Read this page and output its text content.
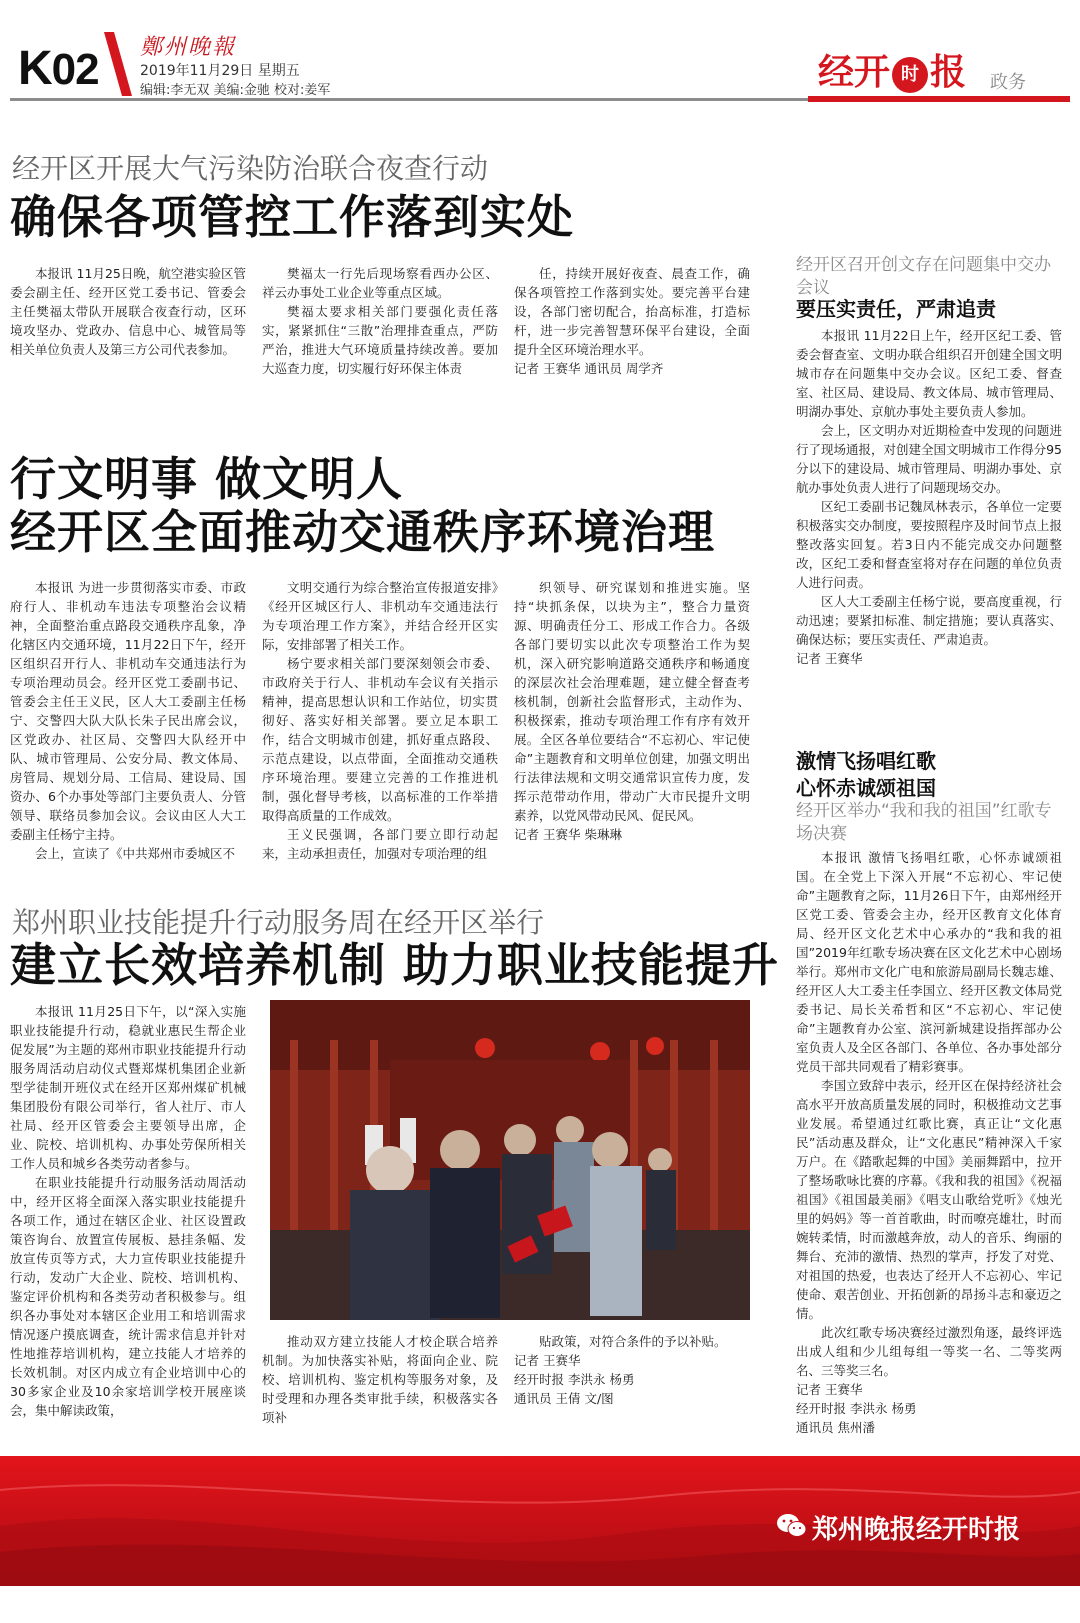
K02 鄭州晚報
2019年11月29日 星期五
编辑:李无双 美编:金驰 校对:姜军	经开 时 报 政务
经开区开展大气污染防治联合夜查行动
确保各项管控工作落到实处

本报讯 11月25日晚，航空港实验区管委会副主任、经开区党工委书记、管委会主任樊福太带队开展联合夜查行动，区环境攻坚办、党政办、信息中心、城管局等相关单位负责人及第三方公司代表参加。

樊福太一行先后现场察看西办公区、祥云办事处工业企业等重点区域。

樊福太要求相关部门要强化责任落实，紧紧抓住“三散”治理排查重点，严防严治，推进大气环境质量持续改善。要加大巡查力度，切实履行好环保主体责

任，持续开展好夜查、晨查工作，确保各项管控工作落到实处。要完善平台建设，各部门密切配合，抬高标准，打造标杆，进一步完善智慧环保平台建设，全面提升全区环境治理水平。

记者 王赛华 通讯员 周学齐

行文明事 做文明人
经开区全面推动交通秩序环境治理

本报讯 为进一步贯彻落实市委、市政府行人、非机动车违法专项整治会议精神，全面整治重点路段交通秩序乱象，净化辖区内交通环境，11月22日下午，经开区组织召开行人、非机动车交通违法行为专项治理动员会。经开区党工委副书记、管委会主任王义民，区人大工委副主任杨宁、交警四大队大队长朱子民出席会议，区党政办、社区局、交警四大队经开中队、城市管理局、公安分局、教文体局、房管局、规划分局、工信局、建设局、国资办、6个办事处等部门主要负责人、分管领导、联络员参加会议。会议由区人大工委副主任杨宁主持。

会上，宣读了《中共郑州市委城区不

文明交通行为综合整治宣传报道安排》《经开区城区行人、非机动车交通违法行为专项治理工作方案》，并结合经开区实际，安排部署了相关工作。

杨宁要求相关部门要深刻领会市委、市政府关于行人、非机动车会议有关指示精神，提高思想认识和工作站位，切实贯彻好、落实好相关部署。要立足本职工作，结合文明城市创建，抓好重点路段、示范点建设，以点带面，全面推动交通秩序环境治理。要建立完善的工作推进机制，强化督导考核，以高标准的工作举措取得高质量的工作成效。

王义民强调，各部门要立即行动起来，主动承担责任，加强对专项治理的组

织领导、研究谋划和推进实施。坚持“块抓条保，以块为主”，整合力量资源、明确责任分工、形成工作合力。各级各部门要切实以此次专项整治工作为契机，深入研究影响道路交通秩序和畅通度的深层次社会治理难题，建立健全督查考核机制，创新社会监督形式，主动作为、积极探索，推动专项治理工作有序有效开展。全区各单位要结合“不忘初心、牢记使命”主题教育和文明单位创建，加强文明出行法律法规和文明交通常识宣传力度，发挥示范带动作用，带动广大市民提升文明素养，以党风带动民风、促民风。

记者 王赛华 柴琳琳

郑州职业技能提升行动服务周在经开区举行
建立长效培养机制 助力职业技能提升

本报讯 11月25日下午，以“深入实施职业技能提升行动，稳就业惠民生帮企业促发展”为主题的郑州市职业技能提升行动服务周活动启动仪式暨郑煤机集团企业新型学徒制开班仪式在经开区郑州煤矿机械集团股份有限公司举行，省人社厅、市人社局、经开区管委会主要领导出席，企业、院校、培训机构、办事处劳保所相关工作人员和城乡各类劳动者参与。

在职业技能提升行动服务活动周活动中，经开区将全面深入落实职业技能提升各项工作，通过在辖区企业、社区设置政策咨询台、放置宣传展板、悬挂条幅、发放宣传页等方式，大力宣传职业技能提升行动，发动广大企业、院校、培训机构、鉴定评价机构和各类劳动者积极参与。组织各办事处对本辖区企业用工和培训需求情况逐户摸底调查，统计需求信息并针对性地推荐培训机构，建立技能人才培养的长效机制。对区内成立有企业培训中心的30多家企业及10余家培训学校开展座谈会，集中解读政策，

推动双方建立技能人才校企联合培养机制。为加快落实补贴，将面向企业、院校、培训机构、鉴定机构等服务对象，及时受理和办理各类审批手续，积极落实各项补

贴政策，对符合条件的予以补贴。

记者 王赛华

经开时报 李洪永 杨勇

通讯员 王倩 文/图

经开区召开创文存在问题集中交办会议
要压实责任，严肃追责

本报讯 11月22日上午，经开区纪工委、管委会督查室、文明办联合组织召开创建全国文明城市存在问题集中交办会议。区纪工委、督查室、社区局、建设局、教文体局、城市管理局、明湖办事处、京航办事处主要负责人参加。

会上，区文明办对近期检查中发现的问题进行了现场通报，对创建全国文明城市工作得分95分以下的建设局、城市管理局、明湖办事处、京航办事处负责人进行了问题现场交办。

区纪工委副书记魏凤林表示，各单位一定要积极落实交办制度，要按照程序及时间节点上报整改落实回复。若3日内不能完成交办问题整改，区纪工委和督查室将对存在问题的单位负责人进行问责。

区人大工委副主任杨宁说，要高度重视，行动迅速；要紧扣标准、制定措施；要认真落实、确保达标；要压实责任、严肃追责。

记者 王赛华

激情飞扬唱红歌
心怀赤诚颂祖国
经开区举办“我和我的祖国”红歌专场决赛

本报讯 激情飞扬唱红歌，心怀赤诚颂祖国。在全党上下深入开展“不忘初心、牢记使命”主题教育之际，11月26日下午，由郑州经开区党工委、管委会主办，经开区教育文化体育局、经开区文化艺术中心承办的“我和我的祖国”2019年红歌专场决赛在区文化艺术中心剧场举行。郑州市文化广电和旅游局副局长魏志雄、经开区人大工委主任李国立、经开区教文体局党委书记、局长关希哲和区“不忘初心、牢记使命”主题教育办公室、滨河新城建设指挥部办公室负责人及全区各部门、各单位、各办事处部分党员干部共同观看了精彩赛事。

李国立致辞中表示，经开区在保持经济社会高水平开放高质量发展的同时，积极推动文艺事业发展。希望通过红歌比赛，真正让“文化惠民”活动惠及群众，让“文化惠民”精神深入千家万户。在《踏歌起舞的中国》美丽舞蹈中，拉开了整场歌咏比赛的序幕。《我和我的祖国》《祝福祖国》《祖国最美丽》《唱支山歌给党听》《烛光里的妈妈》等一首首歌曲，时而嘹亮雄壮，时而婉转柔情，时而激越奔放，动人的音乐、绚丽的舞台、充沛的激情、热烈的掌声，抒发了对党、对祖国的热爱，也表达了经开人不忘初心、牢记使命、艰苦创业、开拓创新的昂扬斗志和豪迈之情。

此次红歌专场决赛经过激烈角逐，最终评选出成人组和少儿组每组一等奖一名、二等奖两名、三等奖三名。

记者 王赛华

经开时报 李洪永 杨勇

通讯员 焦州潘

郑州晚报经开时报
